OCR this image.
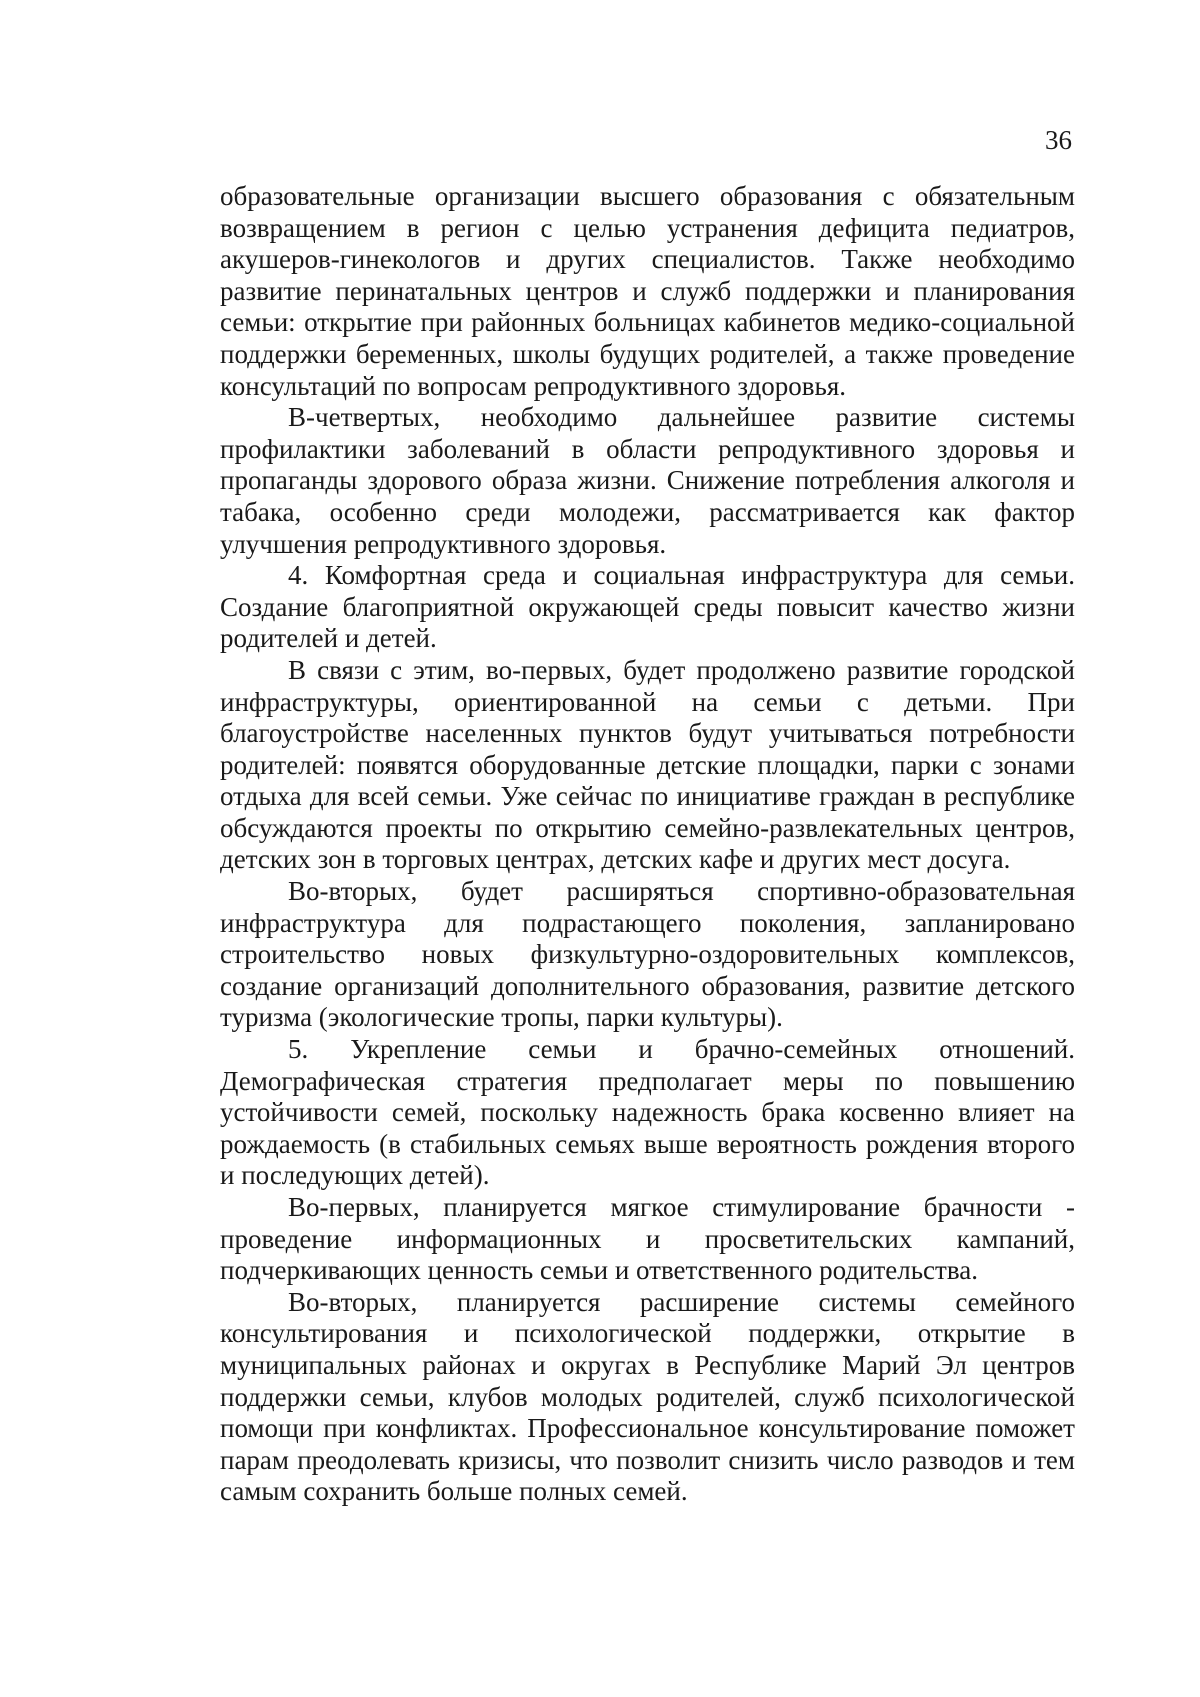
36

образовательные организации высшего образования с обязательным возвращением в регион с целью устранения дефицита педиатров, акушеров-гинекологов и других специалистов. Также необходимо развитие перинатальных центров и служб поддержки и планирования семьи: открытие при районных больницах кабинетов медико-социальной поддержки беременных, школы будущих родителей, а также проведение консультаций по вопросам репродуктивного здоровья.

В-четвертых, необходимо дальнейшее развитие системы профилактики заболеваний в области репродуктивного здоровья и пропаганды здорового образа жизни. Снижение потребления алкоголя и табака, особенно среди молодежи, рассматривается как фактор улучшения репродуктивного здоровья.

4. Комфортная среда и социальная инфраструктура для семьи. Создание благоприятной окружающей среды повысит качество жизни родителей и детей.

В связи с этим, во-первых, будет продолжено развитие городской инфраструктуры, ориентированной на семьи с детьми. При благоустройстве населенных пунктов будут учитываться потребности родителей: появятся оборудованные детские площадки, парки с зонами отдыха для всей семьи. Уже сейчас по инициативе граждан в республике обсуждаются проекты по открытию семейно-развлекательных центров, детских зон в торговых центрах, детских кафе и других мест досуга.

Во-вторых, будет расширяться спортивно-образовательная инфраструктура для подрастающего поколения, запланировано строительство новых физкультурно-оздоровительных комплексов, создание организаций дополнительного образования, развитие детского туризма (экологические тропы, парки культуры).

5. Укрепление семьи и брачно-семейных отношений. Демографическая стратегия предполагает меры по повышению устойчивости семей, поскольку надежность брака косвенно влияет на рождаемость (в стабильных семьях выше вероятность рождения второго и последующих детей).

Во-первых, планируется мягкое стимулирование брачности - проведение информационных и просветительских кампаний, подчеркивающих ценность семьи и ответственного родительства.

Во-вторых, планируется расширение системы семейного консультирования и психологической поддержки, открытие в муниципальных районах и округах в Республике Марий Эл центров поддержки семьи, клубов молодых родителей, служб психологической помощи при конфликтах. Профессиональное консультирование поможет парам преодолевать кризисы, что позволит снизить число разводов и тем самым сохранить больше полных семей.
